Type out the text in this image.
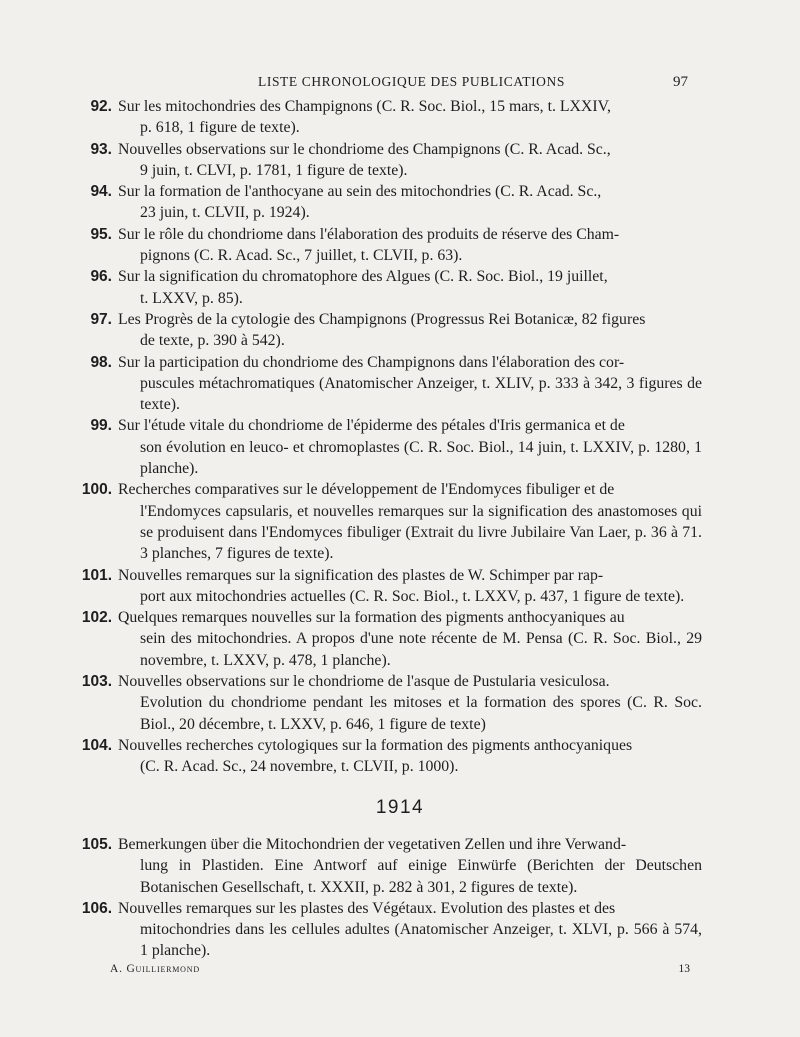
LISTE CHRONOLOGIQUE DES PUBLICATIONS	97

92. Sur les mitochondries des Champignons (C. R. Soc. Biol., 15 mars, t. LXXIV,
p. 618, 1 figure de texte).

93. Nouvelles observations sur le chondriome des Champignons (C. R. Acad. Sc.,
9 juin, t. CLVI, p. 1781, 1 figure de texte).

94. Sur la formation de l'anthocyane au sein des mitochondries (C. R. Acad. Sc.,
23 juin, t. CLVII, p. 1924).

95. Sur le rôle du chondriome dans l'élaboration des produits de réserve des Cham-
pignons (C. R. Acad. Sc., 7 juillet, t. CLVII, p. 63).

96. Sur la signification du chromatophore des Algues (C. R. Soc. Biol., 19 juillet,
t. LXXV, p. 85).

97. Les Progrès de la cytologie des Champignons (Progressus Rei Botanicæ, 82 figures
de texte, p. 390 à 542).

98. Sur la participation du chondriome des Champignons dans l'élaboration des cor-
puscules métachromatiques (Anatomischer Anzeiger, t. XLIV, p. 333 à 342, 3 figures de texte).

99. Sur l'étude vitale du chondriome de l'épiderme des pétales d'Iris germanica et de
son évolution en leuco- et chromoplastes (C. R. Soc. Biol., 14 juin, t. LXXIV, p. 1280, 1 planche).

100. Recherches comparatives sur le développement de l'Endomyces fibuliger et de
l'Endomyces capsularis, et nouvelles remarques sur la signification des anastomoses qui se produisent dans l'Endomyces fibuliger (Extrait du livre Jubilaire Van Laer, p. 36 à 71. 3 planches, 7 figures de texte).

101. Nouvelles remarques sur la signification des plastes de W. Schimper par rap-
port aux mitochondries actuelles (C. R. Soc. Biol., t. LXXV, p. 437, 1 figure de texte).

102. Quelques remarques nouvelles sur la formation des pigments anthocyaniques au
sein des mitochondries. A propos d'une note récente de M. Pensa (C. R. Soc. Biol., 29 novembre, t. LXXV, p. 478, 1 planche).

103. Nouvelles observations sur le chondriome de l'asque de Pustularia vesiculosa.
Evolution du chondriome pendant les mitoses et la formation des spores (C. R. Soc. Biol., 20 décembre, t. LXXV, p. 646, 1 figure de texte)

104. Nouvelles recherches cytologiques sur la formation des pigments anthocyaniques
(C. R. Acad. Sc., 24 novembre, t. CLVII, p. 1000).

1914

105. Bemerkungen über die Mitochondrien der vegetativen Zellen und ihre Verwand-
lung in Plastiden. Eine Antworf auf einige Einwürfe (Berichten der Deutschen Botanischen Gesellschaft, t. XXXII, p. 282 à 301, 2 figures de texte).

106. Nouvelles remarques sur les plastes des Végétaux. Evolution des plastes et des
mitochondries dans les cellules adultes (Anatomischer Anzeiger, t. XLVI, p. 566 à 574, 1 planche).

A. Guilliermond	13
